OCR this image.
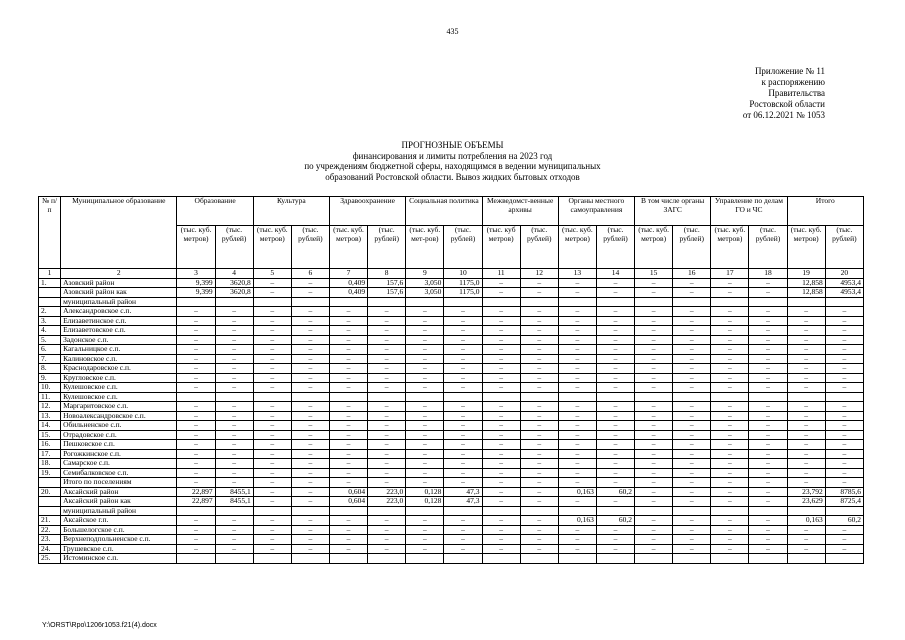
435
Приложение № 11
к распоряжению
Правительства
Ростовской области
от 06.12.2021 № 1053
ПРОГНОЗНЫЕ ОБЪЕМЫ
финансирования и лимиты потребления на 2023 год
по учреждениям бюджетной сферы, находящимся в ведении муниципальных
образований Ростовской области. Вывоз жидких бытовых отходов
№ п/п	Муниципальное образование	Образование		Культура		Здравоохранение		Социальная политика		Межведомст-венные архивы		Органы местного самоуправления		В том числе органы ЗАГС		Управление по делам ГО и ЧС		Итого	
		(тыс. куб. метров)	(тыс. рублей)	(тыс. куб. метров)	(тыс. рублей)	(тыс. куб. метров)	(тыс. рублей)	(тыс. куб. мет-ров)	(тыс. рублей)	(тыс. куб метров)	(тыс. рублей)	(тыс. куб. метров)	(тыс. рублей)	(тыс. куб. метров)	(тыс. рублей)	(тыс. куб. метров)	(тыс. рублей)	(тыс. куб. метров)	(тыс. рублей)
1	2	3	4	5	6	7	8	9	10	11	12	13	14	15	16	17	18	19	20
1.	Азовский район	9,399	3620,8	–	–	0,409	157,6	3,050	1175,0	–	–	–	–	–	–	–	–	12,858	4953,4
	Азовский район как	9,399	3620,8	–	–	0,409	157,6	3,050	1175,0	–	–	–	–	–	–	–	–	12,858	4953,4
	муниципальный район																		
2.	Александровское с.п.	–	–	–	–	–	–	–	–	–	–	–	–	–	–	–	–	–	–
3.	Елизаветинское с.п.	–	–	–	–	–	–	–	–	–	–	–	–	–	–	–	–	–	–
4.	Елизаветовское с.п.	–	–	–	–	–	–	–	–	–	–	–	–	–	–	–	–	–	–
5.	Задонское с.п.	–	–	–	–	–	–	–	–	–	–	–	–	–	–	–	–	–	–
6.	Кагальницкое с.п.	–	–	–	–	–	–	–	–	–	–	–	–	–	–	–	–	–	–
7.	Калиновское с.п.	–	–	–	–	–	–	–	–	–	–	–	–	–	–	–	–	–	–
8.	Краснодаровское с.п.	–	–	–	–	–	–	–	–	–	–	–	–	–	–	–	–	–	–
9.	Кругловское с.п.	–	–	–	–	–	–	–	–	–	–	–	–	–	–	–	–	–	–
10.	Кулешовское с.п.	–	–	–	–	–	–	–	–	–	–	–	–	–	–	–	–	–	–
11.	Кулешовское с.п.																		
12.	Маргаритовское с.п.	–	–	–	–	–	–	–	–	–	–	–	–	–	–	–	–	–	–
13.	Новоалександровское с.п.	–	–	–	–	–	–	–	–	–	–	–	–	–	–	–	–	–	–
14.	Обильненское с.п.	–	–	–	–	–	–	–	–	–	–	–	–	–	–	–	–	–	–
15.	Отрадовское с.п.	–	–	–	–	–	–	–	–	–	–	–	–	–	–	–	–	–	–
16.	Пешковское с.п.	–	–	–	–	–	–	–	–	–	–	–	–	–	–	–	–	–	–
17.	Рогожкинское с.п.	–	–	–	–	–	–	–	–	–	–	–	–	–	–	–	–	–	–
18.	Самарское с.п.	–	–	–	–	–	–	–	–	–	–	–	–	–	–	–	–	–	–
19.	Семибалковское с.п.	–	–	–	–	–	–	–	–	–	–	–	–	–	–	–	–	–	–
	Итого по поселениям	–	–	–	–	–	–	–	–	–	–	–	–	–	–	–	–	–	–
20.	Аксайский район	22,897	8455,1	–	–	0,604	223,0	0,128	47,3	–	–	0,163	60,2	–	–	–	–	23,792	8785,6
	Аксайский район как	22,897	8455,1	–	–	0,604	223,0	0,128	47,3	–	–	–	–	–	–	–	–	23,629	8725,4
	муниципальный район																		
21.	Аксайское г.п.	–	–	–	–	–	–	–	–	–	–	0,163	60,2	–	–	–	–	0,163	60,2
22.	Большелогское с.п.	–	–	–	–	–	–	–	–	–	–	–	–	–	–	–	–	–	–
23.	Верхнеподпольненское с.п.	–	–	–	–	–	–	–	–	–	–	–	–	–	–	–	–	–	–
24.	Грушевское с.п.	–	–	–	–	–	–	–	–	–	–	–	–	–	–	–	–	–	–
25.	Истоминское с.п.																		
Y:\ORST\Rpo\1206r1053.f21(4).docx
